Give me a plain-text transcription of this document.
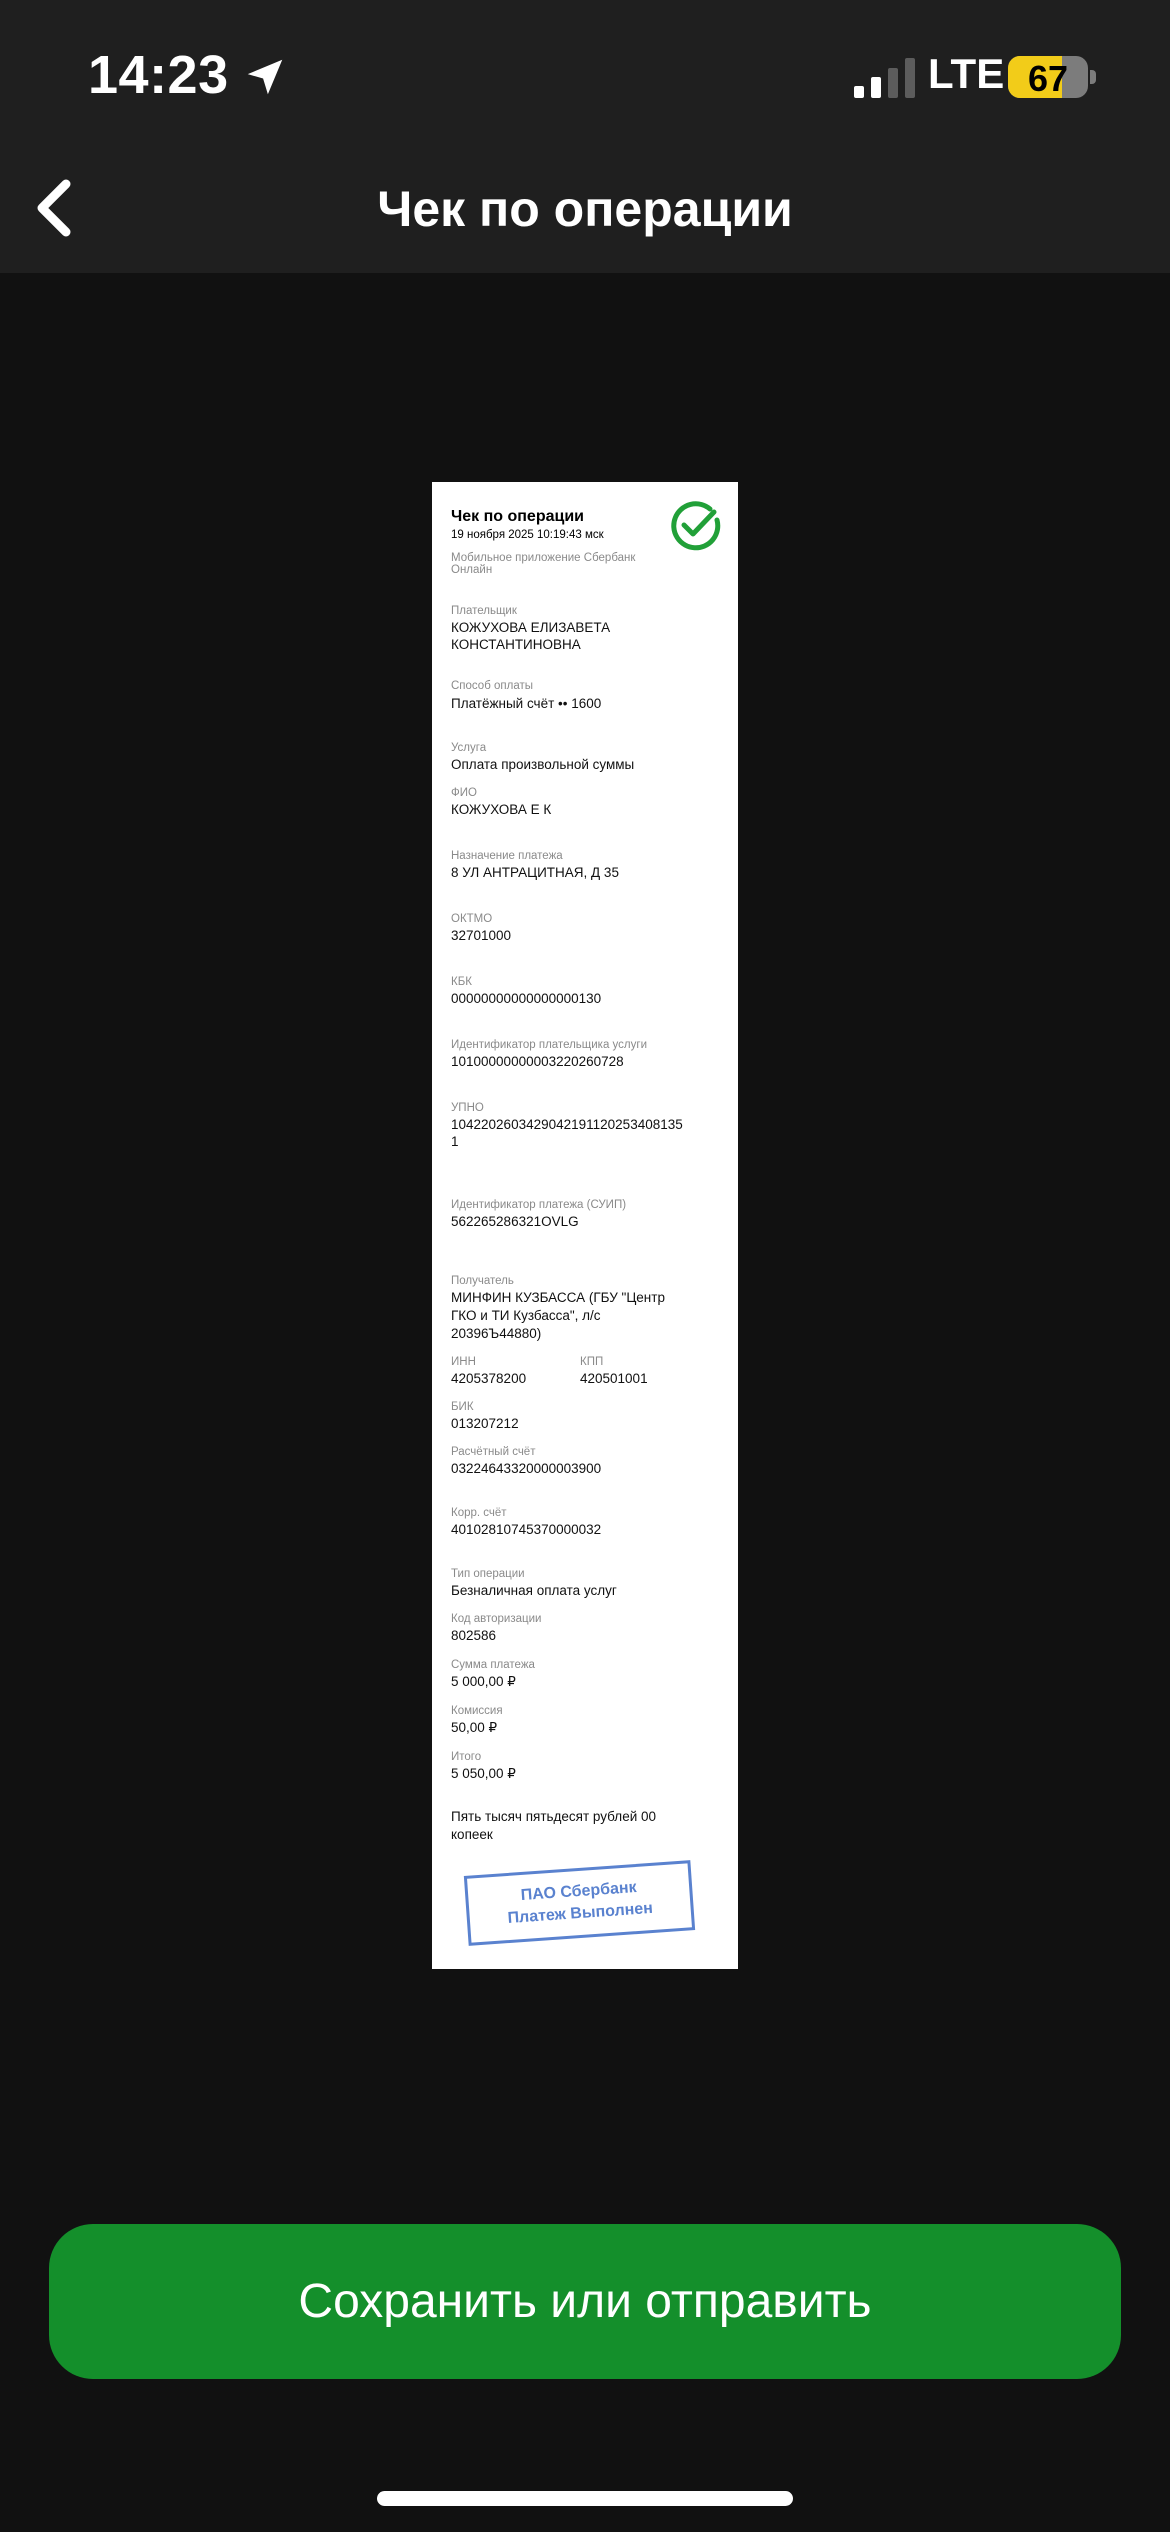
14:23	LTE 67
Чек по операции
Чек по операции
19 ноября 2025 10:19:43 мск
Мобильное приложение Сбербанк
Онлайн
Плательщик
КОЖУХОВА ЕЛИЗАВЕТА
КОНСТАНТИНОВНА
Способ оплаты
Платёжный счёт •• 1600
Услуга
Оплата произвольной суммы
ФИО
КОЖУХОВА Е К
Назначение платежа
8 УЛ АНТРАЦИТНАЯ, Д 35
ОКТМО
32701000
КБК
00000000000000000130
Идентификатор плательщика услуги
10100000000003220260728
УПНО
104220260342904219112025340813​5
1
Идентификатор платежа (СУИП)
562265286321OVLG
Получатель
МИНФИН КУЗБАССА (ГБУ "Центр
ГКО и ТИ Кузбасса", л/с
20396Ъ44880)
ИНН
4205378200
КПП
420501001
БИК
013207212
Расчётный счёт
03224643320000003900
Корр. счёт
40102810745370000032
Тип операции
Безналичная оплата услуг
Код авторизации
802586
Сумма платежа
5 000,00 ₽
Комиссия
50,00 ₽
Итого
5 050,00 ₽
Пять тысяч пятьдесят рублей 00
копеек
ПАО Сбербанк
Платеж Выполнен
Сохранить или отправить
